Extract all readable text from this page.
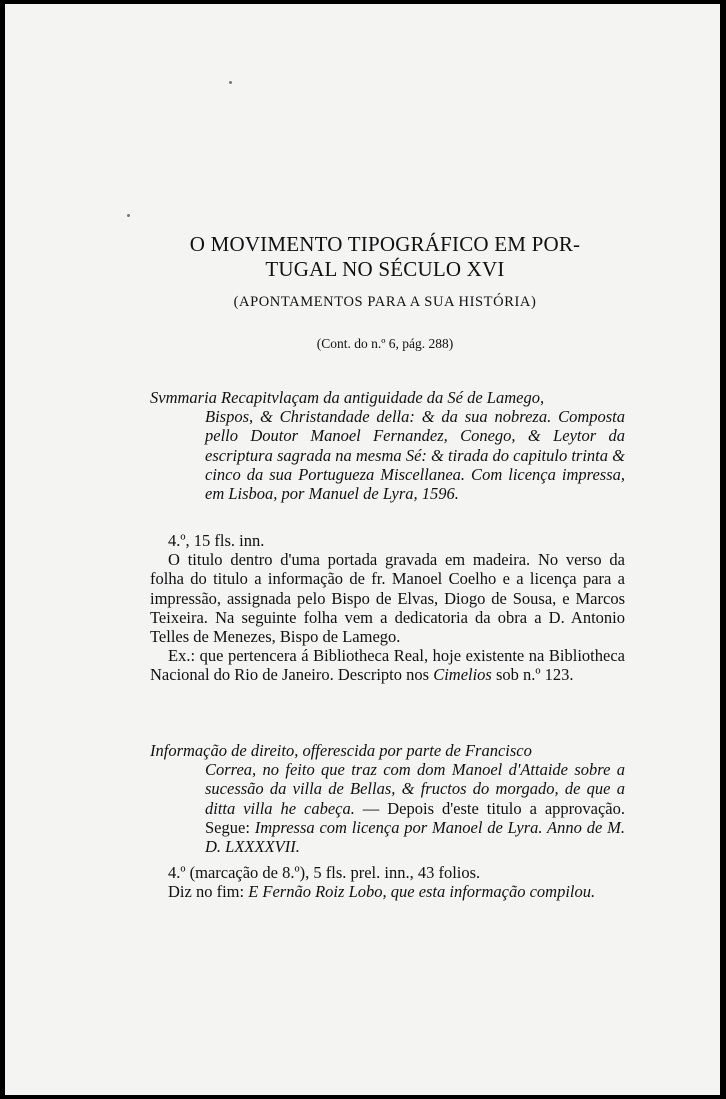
O MOVIMENTO TIPOGRÁFICO EM POR-
TUGAL NO SÉCULO XVI
(APONTAMENTOS PARA A SUA HISTÓRIA)
(Cont. do n.º 6, pág. 288)

Svmmaria Recapitvlaçam da antiguidade da Sé de Lamego,

Bispos, & Christandade della: & da sua nobreza. Composta pello Doutor Manoel Fernandez, Conego, & Leytor da escriptura sagrada na mesma Sé: & tirada do capitulo trinta & cinco da sua Portugueza Miscellanea. Com licença impressa, em Lisboa, por Manuel de Lyra, 1596.

4.º, 15 fls. inn.

O titulo dentro d'uma portada gravada em madeira. No verso da folha do titulo a informação de fr. Manoel Coelho e a licença para a impressão, assignada pelo Bispo de Elvas, Diogo de Sousa, e Marcos Teixeira. Na seguinte folha vem a dedicatoria da obra a D. Antonio Telles de Menezes, Bispo de Lamego.

Ex.: que pertencera á Bibliotheca Real, hoje existente na Bibliotheca Nacional do Rio de Janeiro. Descripto nos Cimelios sob n.º 123.

Informação de direito, offerescida por parte de Francisco

Correa, no feito que traz com dom Manoel d'Attaide sobre a sucessão da villa de Bellas, & fructos do morgado, de que a ditta villa he cabeça. — Depois d'este titulo a approvação. Segue: Impressa com licença por Manoel de Lyra. Anno de M. D. LXXXXVII.

4.º (marcação de 8.º), 5 fls. prel. inn., 43 folios.

Diz no fim: E Fernão Roiz Lobo, que esta informação compilou.
